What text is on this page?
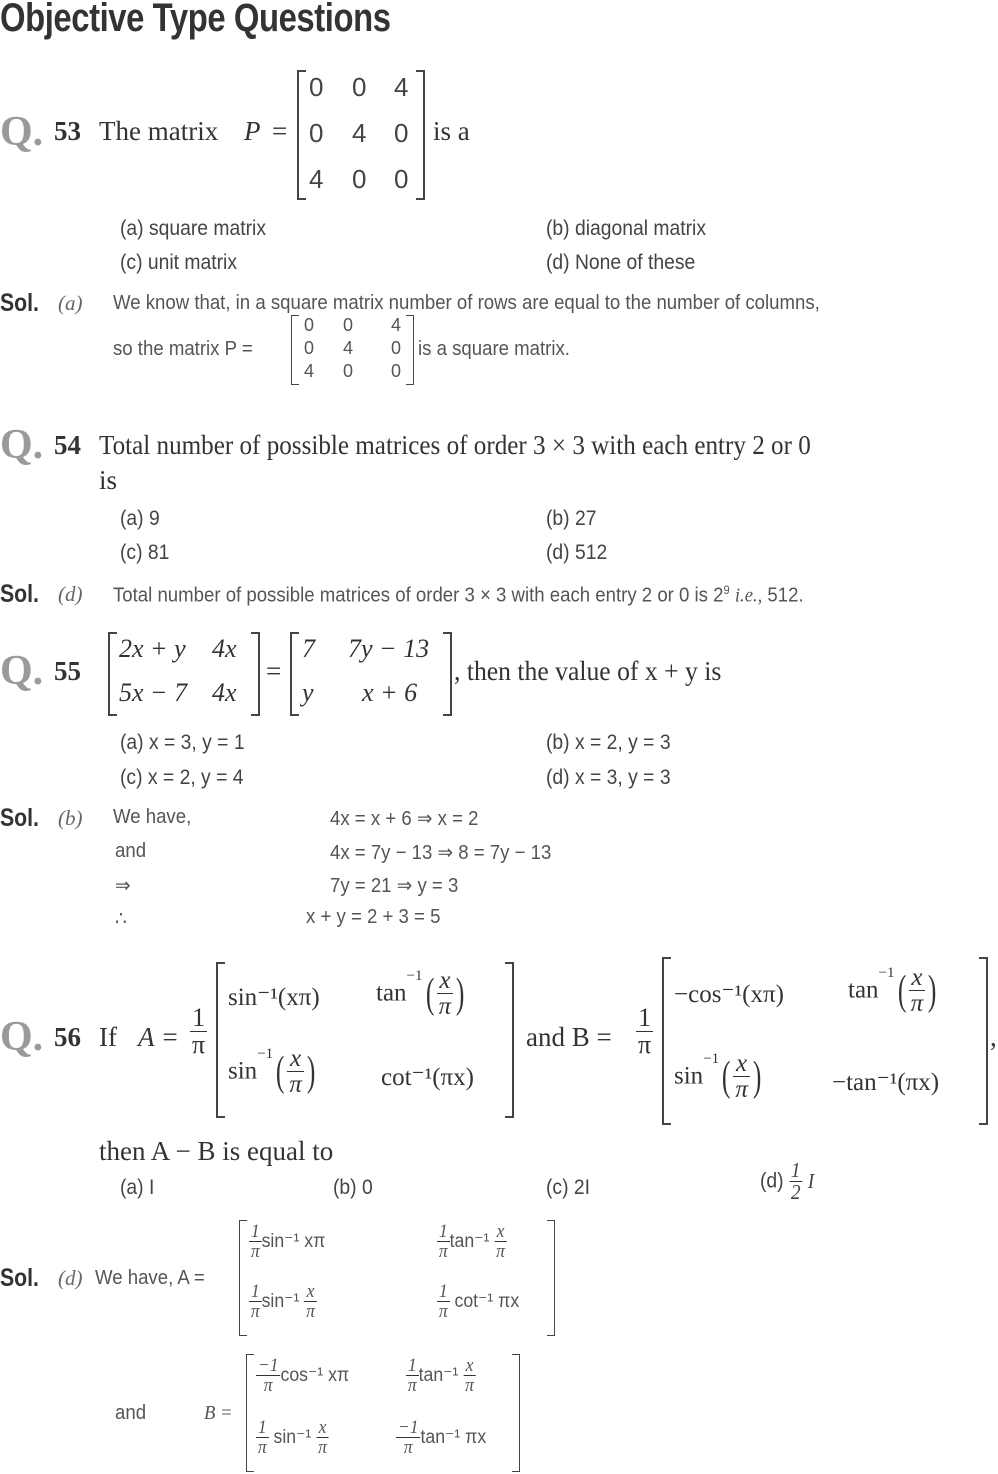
Objective Type Questions
Q. 53 The matrix P =
0 0 4
0 4 0
4 0 0
is a
(a) square matrix	(b) diagonal matrix
(c) unit matrix	(d) None of these
Sol. (a) We know that, in a square matrix number of rows are equal to the number of columns,
so the matrix P =
0 0 4
0 4 0
4 0 0
is a square matrix.
Q. 54 Total number of possible matrices of order 3 × 3 with each entry 2 or 0
is
(a) 9	(b) 27
(c) 81	(d) 512
Sol. (d) Total number of possible matrices of order 3 × 3 with each entry 2 or 0 is $2^9$ i.e., 512.
Q. 55
2x + y 4x
5x − 7 4x
=
7 7y − 13
y x + 6
, then the value of x + y is
(a) x = 3, y = 1	(b) x = 2, y = 3
(c) x = 2, y = 4	(d) x = 3, y = 3
Sol. (b) We have,	4x = x + 6 ⇒ x = 2
and	4x = 7y − 13 ⇒ 8 = 7y − 13
⇒	7y = 21 ⇒ y = 3
∴	x + y = 2 + 3 = 5
Q. 56 If $A = \frac{1}{\pi}$
sin⁻¹(xπ) $\tan^{-1}( \frac{x}{\pi}$ )
$\sin^{-1}( \frac{x}{\pi}$ )	cot⁻¹(πx)
and $B = \frac{1}{\pi}$
−cos⁻¹(xπ)	$\tan^{-1}( \frac{x}{\pi}$ )
$\sin^{-1}( \frac{x}{\pi}$ )	−tan⁻¹(πx)
,
then A − B is equal to
(a) I	(b) 0	(c) 2I	$(d) \frac{1}{2}$ I
Sol. (d) We have, A =
$\frac{1}{\pi} \sin^{-1}$ xπ	$\frac{1}{\pi} \tan^{-1} \frac{x}{\pi}$
$\frac{1}{\pi} \sin^{-1} \frac{x}{\pi}$	$\frac{1}{\pi} \cot^{-1}$ πx
and	B =
$\frac{-1}{\pi} \cos^{-1}$ xπ	$\frac{1}{\pi} \tan^{-1} \frac{x}{\pi}$
$\frac{1}{\pi} \sin^{-1} \frac{x}{\pi}$	$\frac{-1}{\pi} \tan^{-1}$ πx
